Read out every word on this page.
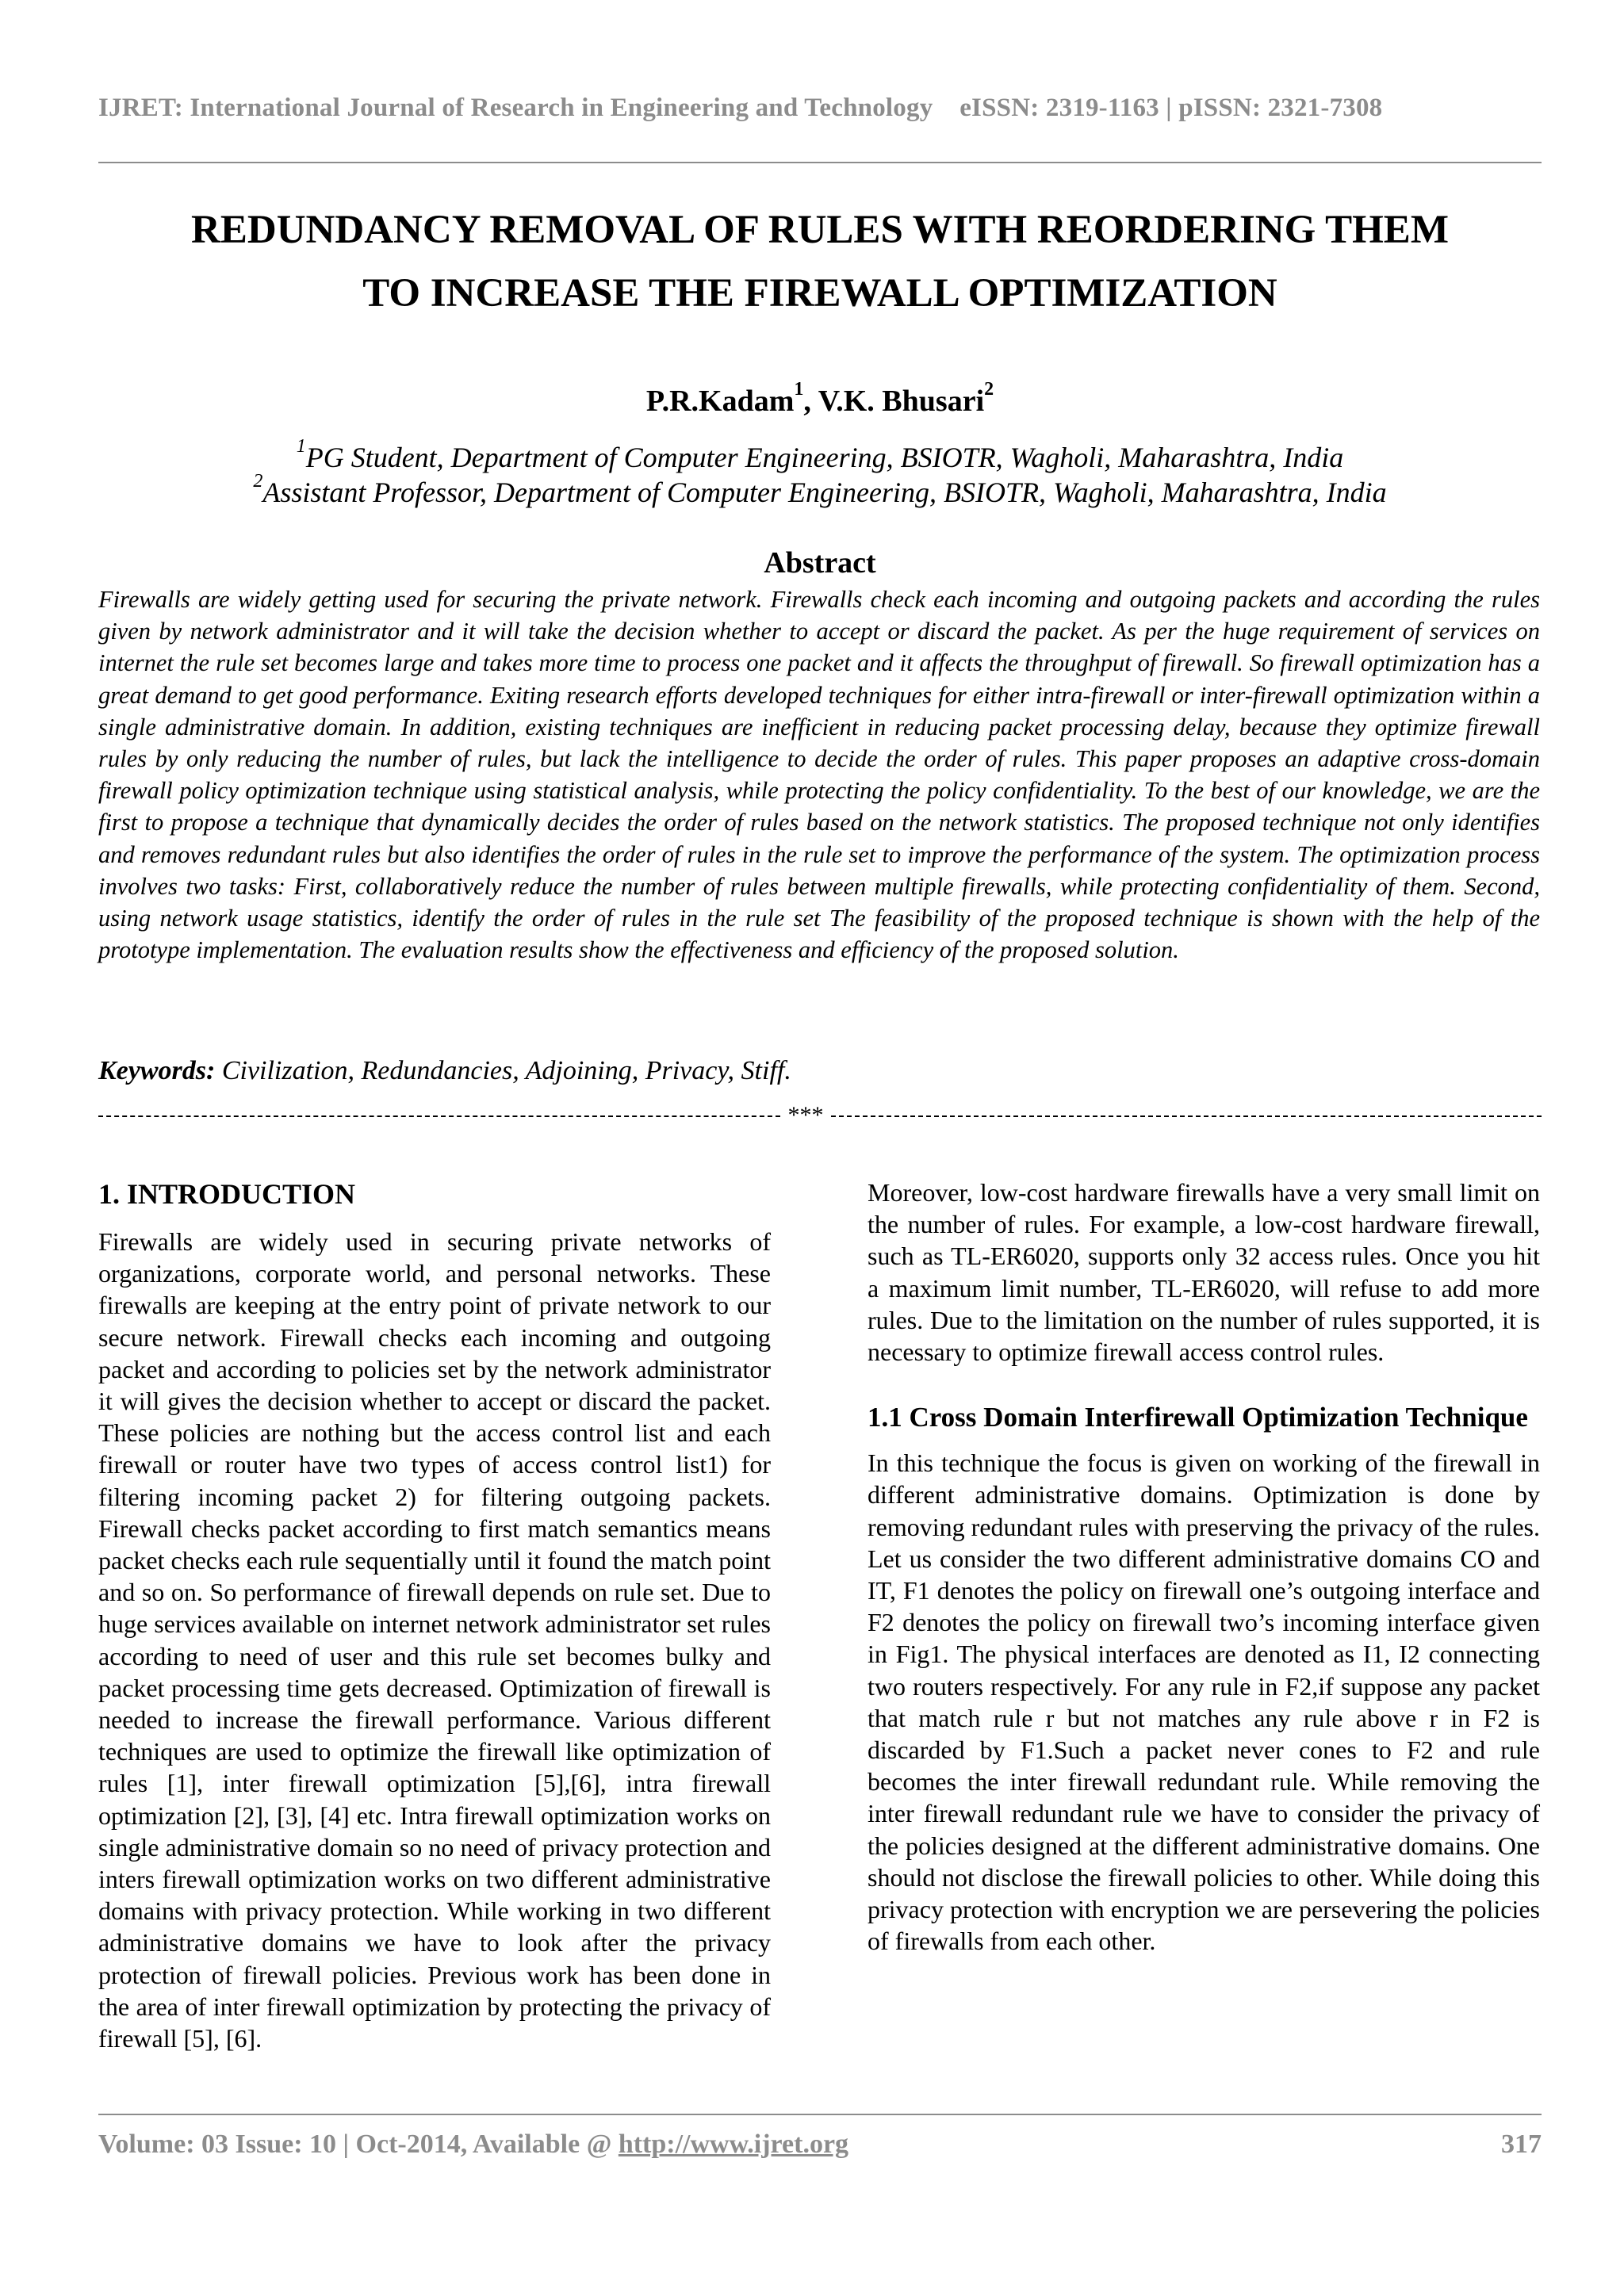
IJRET: International Journal of Research in Engineering and Technology    eISSN: 2319-1163 | pISSN: 2321-7308
REDUNDANCY REMOVAL OF RULES WITH REORDERING THEM
TO INCREASE THE FIREWALL OPTIMIZATION
P.R.Kadam$^1$, V.K. Bhusari$^2$
$^1$PG Student, Department of Computer Engineering, BSIOTR, Wagholi, Maharashtra, India
$^2$Assistant Professor, Department of Computer Engineering, BSIOTR, Wagholi, Maharashtra, India
Abstract
Firewalls are widely getting used for securing the private network. Firewalls check each incoming and outgoing packets and according the rules given by network administrator and it will take the decision whether to accept or discard the packet. As per the huge requirement of services on internet the rule set becomes large and takes more time to process one packet and it affects the throughput of firewall. So firewall optimization has a great demand to get good performance. Exiting research efforts developed techniques for either intra-firewall or inter-firewall optimization within a single administrative domain. In addition, existing techniques are inefficient in reducing packet processing delay, because they optimize firewall rules by only reducing the number of rules, but lack the intelligence to decide the order of rules. This paper proposes an adaptive cross-domain firewall policy optimization technique using statistical analysis, while protecting the policy confidentiality. To the best of our knowledge, we are the first to propose a technique that dynamically decides the order of rules based on the network statistics. The proposed technique not only identifies and removes redundant rules but also identifies the order of rules in the rule set to improve the performance of the system. The optimization process involves two tasks: First, collaboratively reduce the number of rules between multiple firewalls, while protecting confidentiality of them. Second, using network usage statistics, identify the order of rules in the rule set The feasibility of the proposed technique is shown with the help of the prototype implementation. The evaluation results show the effectiveness and efficiency of the proposed solution.
Keywords: Civilization, Redundancies, Adjoining, Privacy, Stiff.
***
1. INTRODUCTION

Firewalls are widely used in securing private networks of organizations, corporate world, and personal networks. These firewalls are keeping at the entry point of private network to our secure network. Firewall checks each incoming and outgoing packet and according to policies set by the network administrator it will gives the decision whether to accept or discard the packet. These policies are nothing but the access control list and each firewall or router have two types of access control list1) for filtering incoming packet 2) for filtering outgoing packets. Firewall checks packet according to first match semantics means packet checks each rule sequentially until it found the match point and so on. So performance of firewall depends on rule set. Due to huge services available on internet network administrator set rules according to need of user and this rule set becomes bulky and packet processing time gets decreased. Optimization of firewall is needed to increase the firewall performance. Various different techniques are used to optimize the firewall like optimization of rules [1], inter firewall optimization [5],[6], intra firewall optimization [2], [3], [4] etc. Intra firewall optimization works on single administrative domain so no need of privacy protection and inters firewall optimization works on two different administrative domains with privacy protection. While working in two different administrative domains we have to look after the privacy protection of firewall policies. Previous work has been done in the area of inter firewall optimization by protecting the privacy of firewall [5], [6].

Moreover, low-cost hardware firewalls have a very small limit on the number of rules. For example, a low-cost hardware firewall, such as TL-ER6020, supports only 32 access rules. Once you hit a maximum limit number, TL-ER6020, will refuse to add more rules. Due to the limitation on the number of rules supported, it is necessary to optimize firewall access control rules.

1.1 Cross Domain Interfirewall Optimization Technique

In this technique the focus is given on working of the firewall in different administrative domains. Optimization is done by removing redundant rules with preserving the privacy of the rules. Let us consider the two different administrative domains CO and IT, F1 denotes the policy on firewall one’s outgoing interface and F2 denotes the policy on firewall two’s incoming interface given in Fig1. The physical interfaces are denoted as I1, I2 connecting two routers respectively. For any rule in F2,if suppose any packet that match rule r but not matches any rule above r in F2 is discarded by F1.Such a packet never cones to F2 and rule becomes the inter firewall redundant rule. While removing the inter firewall redundant rule we have to consider the privacy of the policies designed at the different administrative domains. One should not disclose the firewall policies to other. While doing this privacy protection with encryption we are persevering the policies of firewalls from each other.

Volume: 03 Issue: 10 | Oct-2014, Available @ http://www.ijret.org	317
